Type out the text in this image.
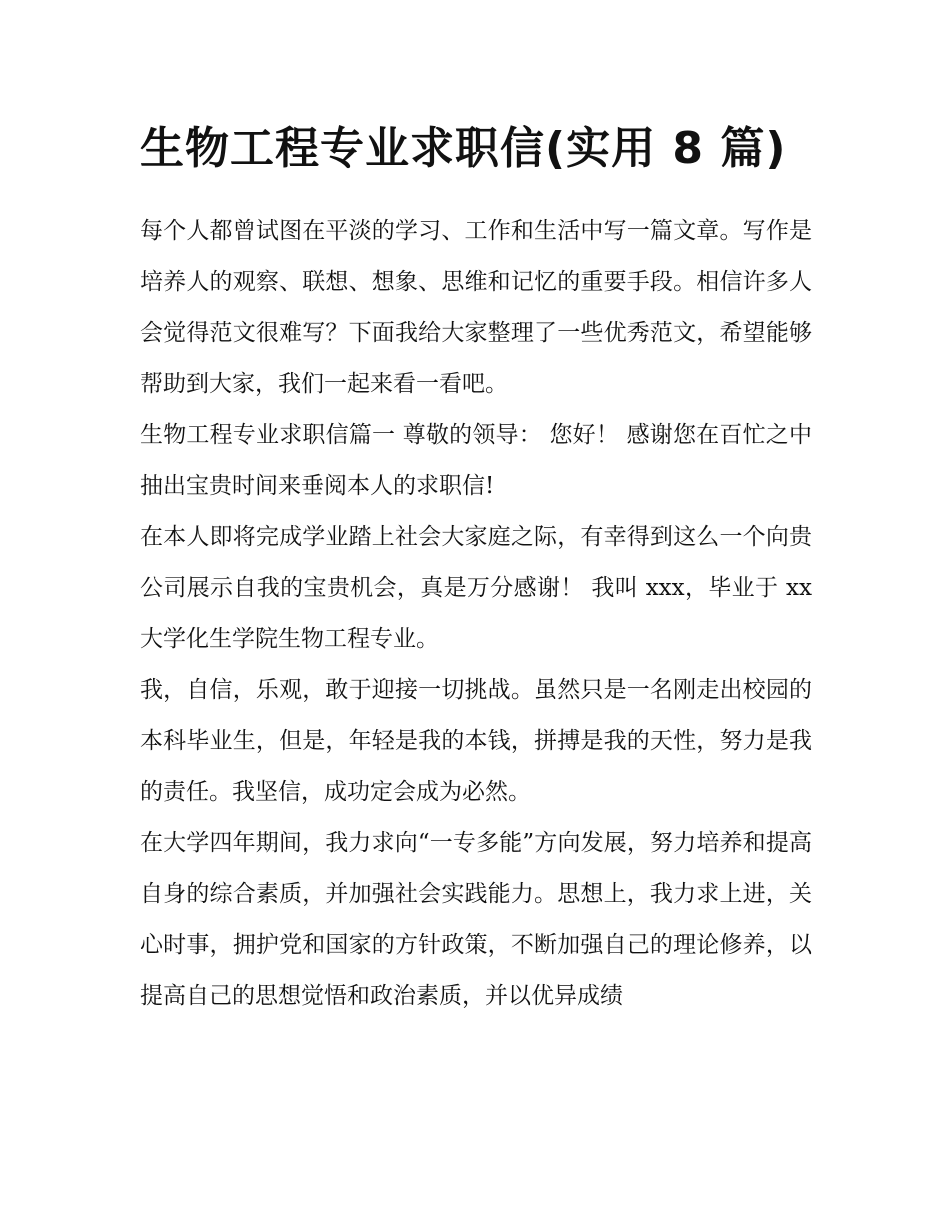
生物工程专业求职信(实用 8 篇)

每个人都曾试图在平淡的学习、工作和生活中写一篇文章。写作是培养人的观察、联想、想象、思维和记忆的重要手段。相信许多人会觉得范文很难写？下面我给大家整理了一些优秀范文，希望能够帮助到大家，我们一起来看一看吧。

生物工程专业求职信篇一 尊敬的领导： 您好！ 感谢您在百忙之中抽出宝贵时间来垂阅本人的求职信!

在本人即将完成学业踏上社会大家庭之际，有幸得到这么一个向贵公司展示自我的宝贵机会，真是万分感谢！ 我叫 xxx，毕业于 xx 大学化生学院生物工程专业。

我，自信，乐观，敢于迎接一切挑战。虽然只是一名刚走出校园的本科毕业生，但是，年轻是我的本钱，拼搏是我的天性，努力是我的责任。我坚信，成功定会成为必然。

在大学四年期间，我力求向“一专多能”方向发展，努力培养和提高自身的综合素质，并加强社会实践能力。思想上，我力求上进，关心时事，拥护党和国家的方针政策，不断加强自己的理论修养，以提高自己的思想觉悟和政治素质，并以优异成绩
